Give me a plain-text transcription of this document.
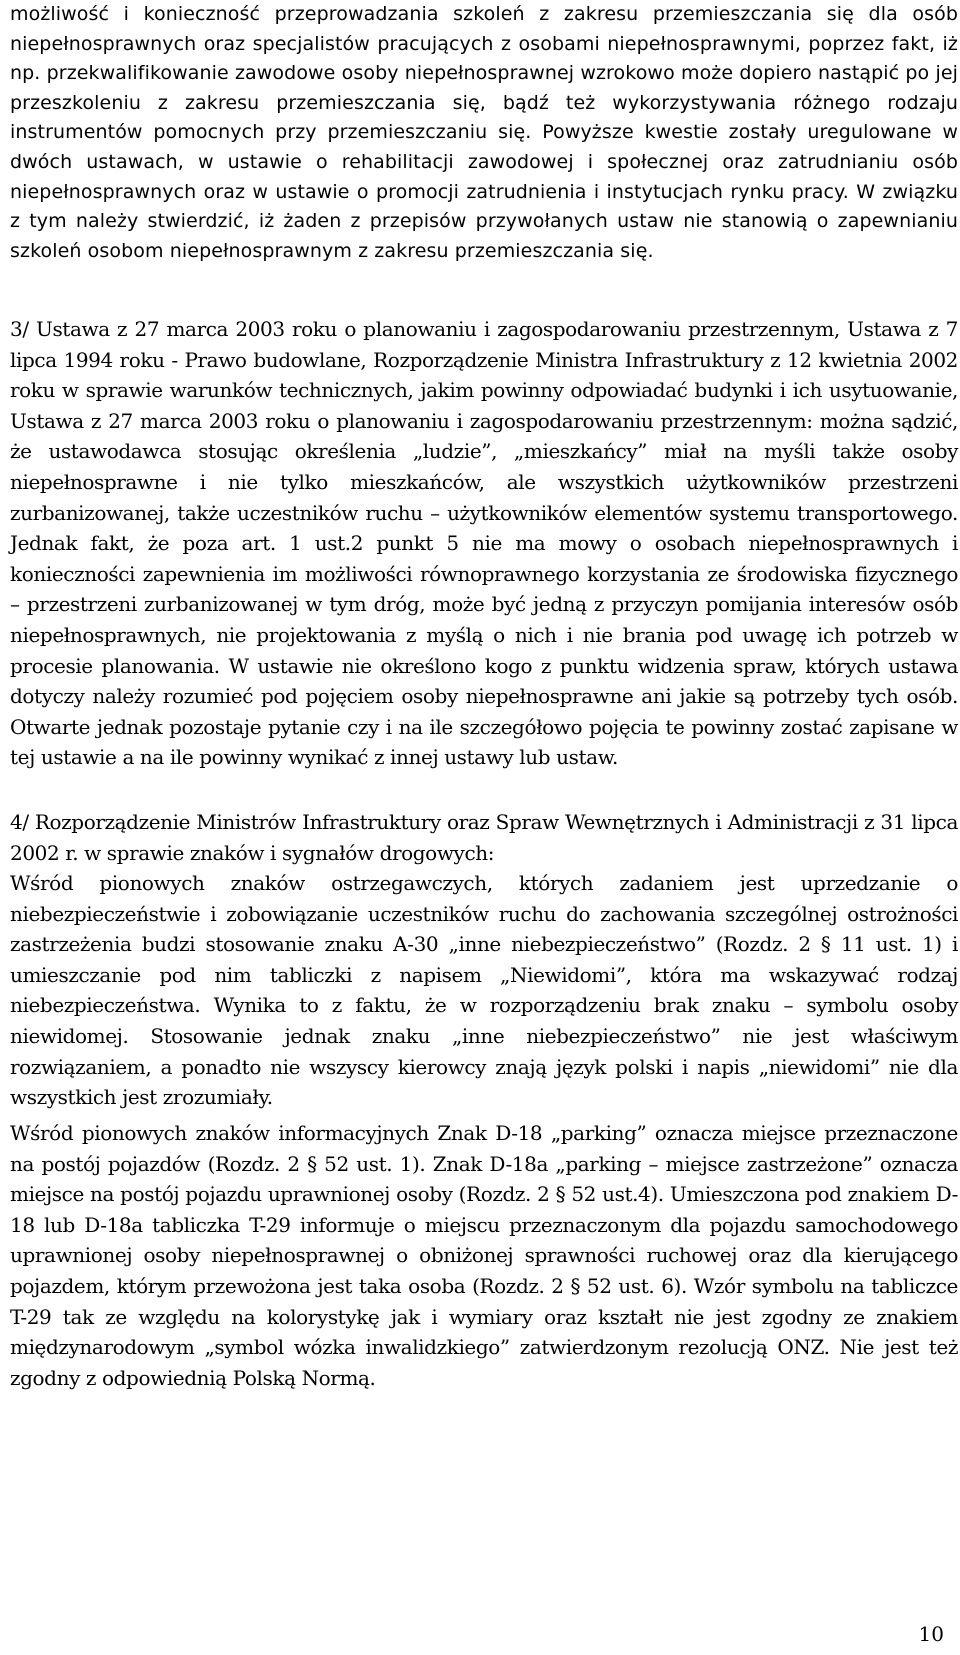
możliwość i konieczność przeprowadzania szkoleń z zakresu przemieszczania się dla osób niepełnosprawnych oraz specjalistów pracujących z osobami niepełnosprawnymi, poprzez fakt, iż np. przekwalifikowanie zawodowe osoby niepełnosprawnej wzrokowo może dopiero nastąpić po jej przeszkoleniu z zakresu przemieszczania się, bądź też wykorzystywania różnego rodzaju instrumentów pomocnych przy przemieszczaniu się. Powyższe kwestie zostały uregulowane w dwóch ustawach, w ustawie o rehabilitacji zawodowej i społecznej oraz zatrudnianiu osób niepełnosprawnych oraz w ustawie o promocji zatrudnienia i instytucjach rynku pracy. W związku z tym należy stwierdzić, iż żaden z przepisów przywołanych ustaw nie stanowią o zapewnianiu szkoleń osobom niepełnosprawnym z zakresu przemieszczania się.

3/ Ustawa z 27 marca 2003 roku o planowaniu i zagospodarowaniu przestrzennym, Ustawa z 7 lipca 1994 roku - Prawo budowlane, Rozporządzenie Ministra Infrastruktury z 12 kwietnia 2002 roku w sprawie warunków technicznych, jakim powinny odpowiadać budynki i ich usytuowanie, Ustawa z 27 marca 2003 roku o planowaniu i zagospodarowaniu przestrzennym: można sądzić, że ustawodawca stosując określenia „ludzie”, „mieszkańcy” miał na myśli także osoby niepełnosprawne i nie tylko mieszkańców, ale wszystkich użytkowników przestrzeni zurbanizowanej, także uczestników ruchu – użytkowników elementów systemu transportowego. Jednak fakt, że poza art. 1 ust.2 punkt 5 nie ma mowy o osobach niepełnosprawnych i konieczności zapewnienia im możliwości równoprawnego korzystania ze środowiska fizycznego – przestrzeni zurbanizowanej w tym dróg, może być jedną z przyczyn pomijania interesów osób niepełnosprawnych, nie projektowania z myślą o nich i nie brania pod uwagę ich potrzeb w procesie planowania. W ustawie nie określono kogo z punktu widzenia spraw, których ustawa dotyczy należy rozumieć pod pojęciem osoby niepełnosprawne ani jakie są potrzeby tych osób. Otwarte jednak pozostaje pytanie czy i na ile szczegółowo pojęcia te powinny zostać zapisane w tej ustawie a na ile powinny wynikać z innej ustawy lub ustaw.

4/ Rozporządzenie Ministrów Infrastruktury oraz Spraw Wewnętrznych i Administracji z 31 lipca 2002 r. w sprawie znaków i sygnałów drogowych:

Wśród pionowych znaków ostrzegawczych, których zadaniem jest uprzedzanie o niebezpieczeństwie i zobowiązanie uczestników ruchu do zachowania szczególnej ostrożności zastrzeżenia budzi stosowanie znaku A-30 „inne niebezpieczeństwo” (Rozdz. 2 § 11 ust. 1) i umieszczanie pod nim tabliczki z napisem „Niewidomi”, która ma wskazywać rodzaj niebezpieczeństwa. Wynika to z faktu, że w rozporządzeniu brak znaku – symbolu osoby niewidomej. Stosowanie jednak znaku „inne niebezpieczeństwo” nie jest właściwym rozwiązaniem, a ponadto nie wszyscy kierowcy znają język polski i napis „niewidomi” nie dla wszystkich jest zrozumiały.

Wśród pionowych znaków informacyjnych Znak D-18 „parking” oznacza miejsce przeznaczone na postój pojazdów (Rozdz. 2 § 52 ust. 1). Znak D-18a „parking – miejsce zastrzeżone” oznacza miejsce na postój pojazdu uprawnionej osoby (Rozdz. 2 § 52 ust.4). Umieszczona pod znakiem D-18 lub D-18a tabliczka T-29 informuje o miejscu przeznaczonym dla pojazdu samochodowego uprawnionej osoby niepełnosprawnej o obniżonej sprawności ruchowej oraz dla kierującego pojazdem, którym przewożona jest taka osoba (Rozdz. 2 § 52 ust. 6). Wzór symbolu na tabliczce T-29 tak ze względu na kolorystykę jak i wymiary oraz kształt nie jest zgodny ze znakiem międzynarodowym „symbol wózka inwalidzkiego” zatwierdzonym rezolucją ONZ. Nie jest też zgodny z odpowiednią Polską Normą.

10
